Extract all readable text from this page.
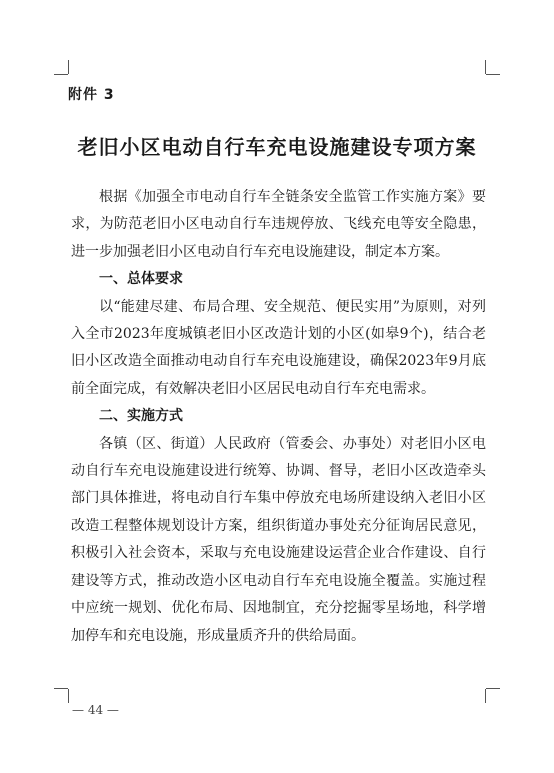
附件 3
老旧小区电动自行车充电设施建设专项方案

根据《加强全市电动自行车全链条安全监管工作实施方案》要求，为防范老旧小区电动自行车违规停放、飞线充电等安全隐患，进一步加强老旧小区电动自行车充电设施建设，制定本方案。

一、总体要求

以“能建尽建、布局合理、安全规范、便民实用”为原则，对列入全市2023年度城镇老旧小区改造计划的小区(如皋9个)，结合老旧小区改造全面推动电动自行车充电设施建设，确保2023年9月底前全面完成，有效解决老旧小区居民电动自行车充电需求。

二、实施方式

各镇（区、街道）人民政府（管委会、办事处）对老旧小区电动自行车充电设施建设进行统筹、协调、督导，老旧小区改造牵头部门具体推进，将电动自行车集中停放充电场所建设纳入老旧小区改造工程整体规划设计方案，组织街道办事处充分征询居民意见，积极引入社会资本，采取与充电设施建设运营企业合作建设、自行建设等方式，推动改造小区电动自行车充电设施全覆盖。实施过程中应统一规划、优化布局、因地制宜，充分挖掘零星场地，科学增加停车和充电设施，形成量质齐升的供给局面。

— 44 —
